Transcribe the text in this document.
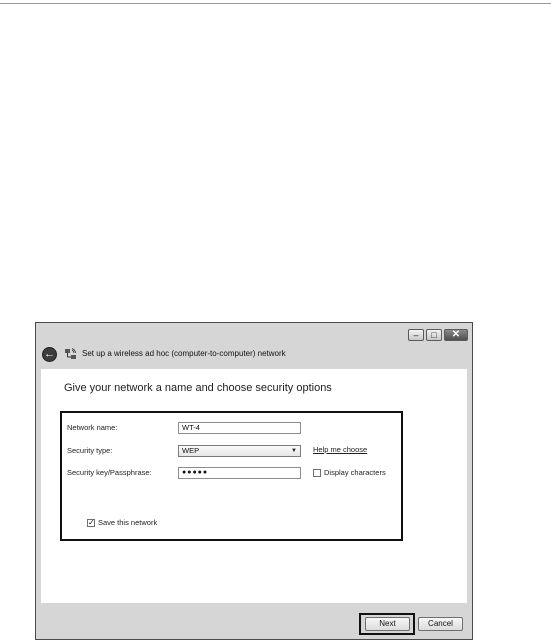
–	□	✕
←	Set up a wireless ad hoc (computer-to-computer) network
Give your network a name and choose security options
Network name:	WT-4
Security type:	WEP	▼ Help me choose
Security key/Passphrase:	●●●●●	Display characters
✓ Save this network
Next	Cancel
